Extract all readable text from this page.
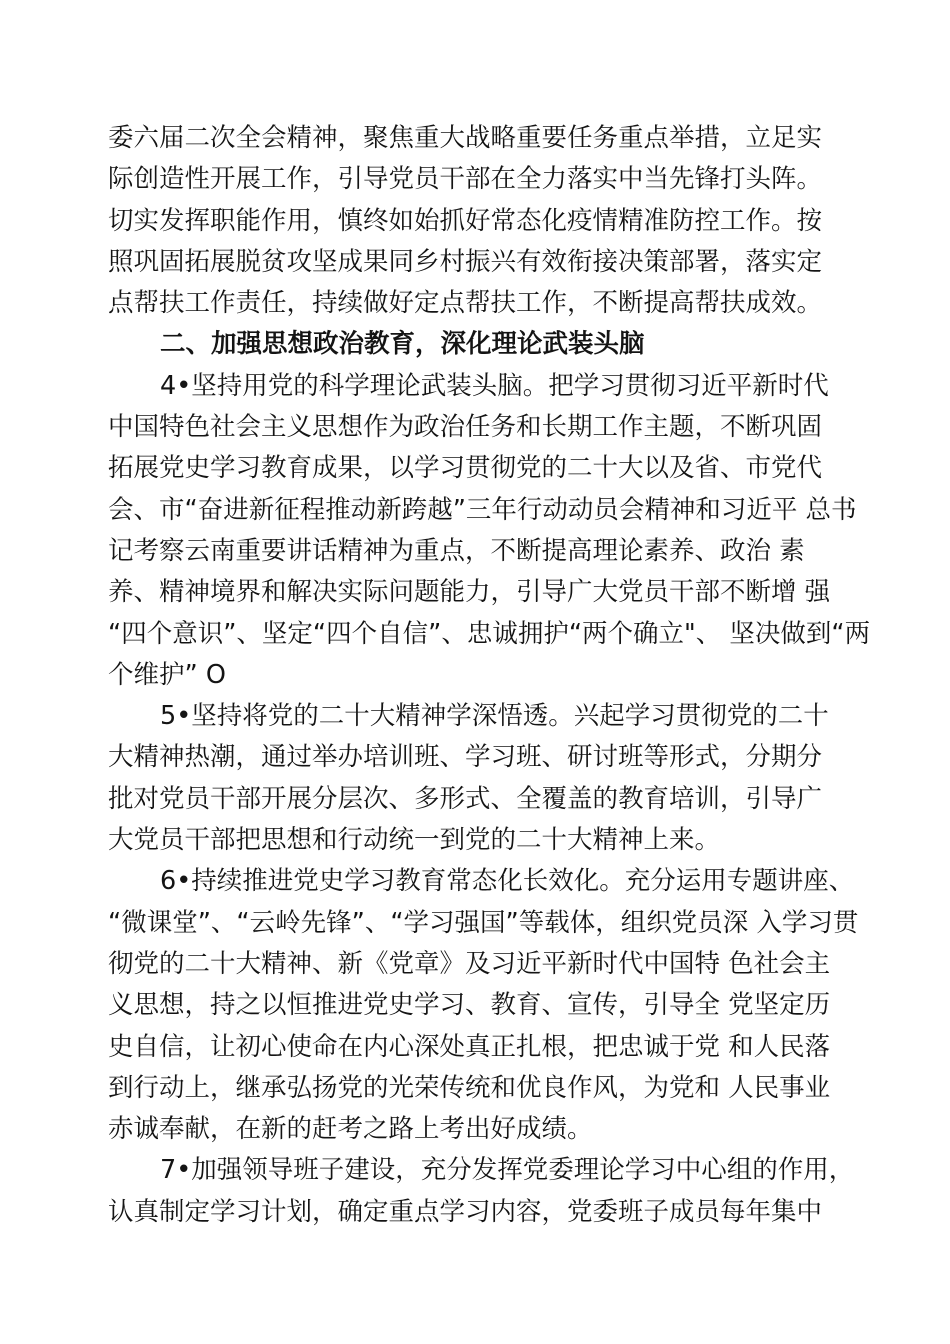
委六届二次全会精神，聚焦重大战略重要任务重点举措，立足实
际创造性开展工作，引导党员干部在全力落实中当先锋打头阵。
切实发挥职能作用，慎终如始抓好常态化疫情精准防控工作。按
照巩固拓展脱贫攻坚成果同乡村振兴有效衔接决策部署，落实定
点帮扶工作责任，持续做好定点帮扶工作，不断提高帮扶成效。
二、加强思想政治教育，深化理论武装头脑
4•坚持用党的科学理论武装头脑。把学习贯彻习近平新时代
中国特色社会主义思想作为政治任务和长期工作主题，不断巩固
拓展党史学习教育成果，以学习贯彻党的二十大以及省、市党代
会、市“奋进新征程推动新跨越”三年行动动员会精神和习近平 总书
记考察云南重要讲话精神为重点，不断提高理论素养、政治 素
养、精神境界和解决实际问题能力，引导广大党员干部不断增 强
“四个意识”、坚定“四个自信”、忠诚拥护“两个确立"、 坚决做到“两
个维护” O
5•坚持将党的二十大精神学深悟透。兴起学习贯彻党的二十
大精神热潮，通过举办培训班、学习班、研讨班等形式，分期分
批对党员干部开展分层次、多形式、全覆盖的教育培训，引导广
大党员干部把思想和行动统一到党的二十大精神上来。
6•持续推进党史学习教育常态化长效化。充分运用专题讲座、
“微课堂”、“云岭先锋”、“学习强国”等载体，组织党员深 入学习贯
彻党的二十大精神、新《党章》及习近平新时代中国特 色社会主
义思想，持之以恒推进党史学习、教育、宣传，引导全 党坚定历
史自信，让初心使命在内心深处真正扎根，把忠诚于党 和人民落
到行动上，继承弘扬党的光荣传统和优良作风，为党和 人民事业
赤诚奉献，在新的赶考之路上考出好成绩。
7•加强领导班子建设，充分发挥党委理论学习中心组的作用，
认真制定学习计划，确定重点学习内容，党委班子成员每年集中
